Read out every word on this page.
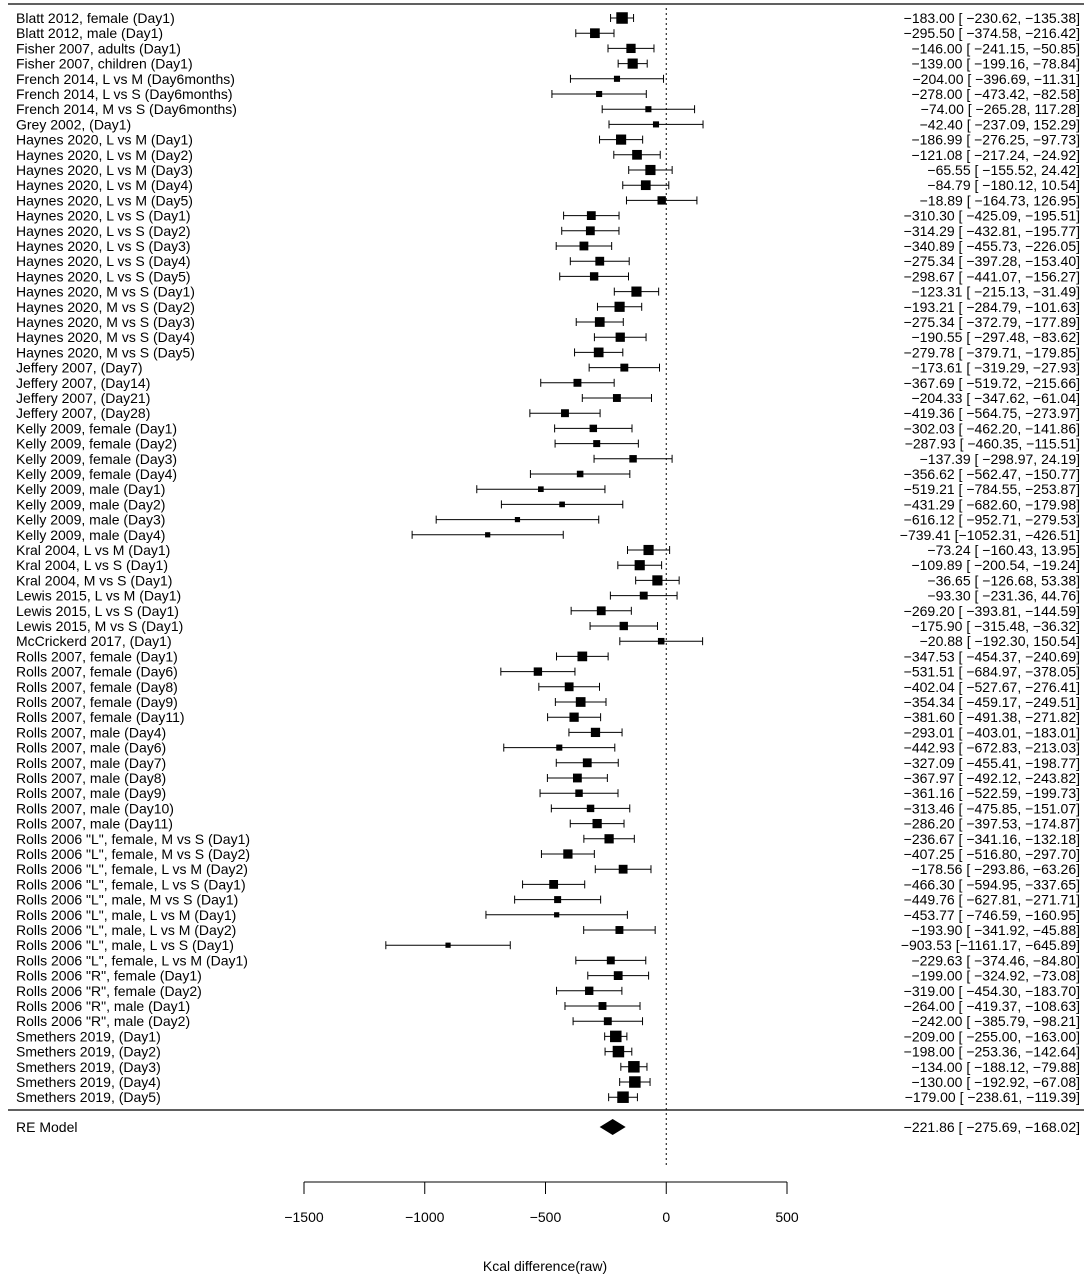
Blatt 2012, female (Day1)	−183.00 [ −230.62, −135.38]
Blatt 2012, male (Day1)	−295.50 [ −374.58, −216.42]
Fisher 2007, adults (Day1)	−146.00 [ −241.15, −50.85]
Fisher 2007, children (Day1)	−139.00 [ −199.16, −78.84]
French 2014, L vs M (Day6months)	−204.00 [ −396.69, −11.31]
French 2014, L vs S (Day6months)	−278.00 [ −473.42, −82.58]
French 2014, M vs S (Day6months)	−74.00 [ −265.28, 117.28]
Grey 2002, (Day1)	−42.40 [ −237.09, 152.29]
Haynes 2020, L vs M (Day1)	−186.99 [ −276.25, −97.73]
Haynes 2020, L vs M (Day2)	−121.08 [ −217.24, −24.92]
Haynes 2020, L vs M (Day3)	−65.55 [ −155.52, 24.42]
Haynes 2020, L vs M (Day4)	−84.79 [ −180.12, 10.54]
Haynes 2020, L vs M (Day5)	−18.89 [ −164.73, 126.95]
Haynes 2020, L vs S (Day1)	−310.30 [ −425.09, −195.51]
Haynes 2020, L vs S (Day2)	−314.29 [ −432.81, −195.77]
Haynes 2020, L vs S (Day3)	−340.89 [ −455.73, −226.05]
Haynes 2020, L vs S (Day4)	−275.34 [ −397.28, −153.40]
Haynes 2020, L vs S (Day5)	−298.67 [ −441.07, −156.27]
Haynes 2020, M vs S (Day1)	−123.31 [ −215.13, −31.49]
Haynes 2020, M vs S (Day2)	−193.21 [ −284.79, −101.63]
Haynes 2020, M vs S (Day3)	−275.34 [ −372.79, −177.89]
Haynes 2020, M vs S (Day4)	−190.55 [ −297.48, −83.62]
Haynes 2020, M vs S (Day5)	−279.78 [ −379.71, −179.85]
Jeffery 2007, (Day7)	−173.61 [ −319.29, −27.93]
Jeffery 2007, (Day14)	−367.69 [ −519.72, −215.66]
Jeffery 2007, (Day21)	−204.33 [ −347.62, −61.04]
Jeffery 2007, (Day28)	−419.36 [ −564.75, −273.97]
Kelly 2009, female (Day1)	−302.03 [ −462.20, −141.86]
Kelly 2009, female (Day2)	−287.93 [ −460.35, −115.51]
Kelly 2009, female (Day3)	−137.39 [ −298.97, 24.19]
Kelly 2009, female (Day4)	−356.62 [ −562.47, −150.77]
Kelly 2009, male (Day1)	−519.21 [ −784.55, −253.87]
Kelly 2009, male (Day2)	−431.29 [ −682.60, −179.98]
Kelly 2009, male (Day3)	−616.12 [ −952.71, −279.53]
Kelly 2009, male (Day4)	−739.41 [−1052.31, −426.51]
Kral 2004, L vs M (Day1)	−73.24 [ −160.43, 13.95]
Kral 2004, L vs S (Day1)	−109.89 [ −200.54, −19.24]
Kral 2004, M vs S (Day1)	−36.65 [ −126.68, 53.38]
Lewis 2015, L vs M (Day1)	−93.30 [ −231.36, 44.76]
Lewis 2015, L vs S (Day1)	−269.20 [ −393.81, −144.59]
Lewis 2015, M vs S (Day1)	−175.90 [ −315.48, −36.32]
McCrickerd 2017, (Day1)	−20.88 [ −192.30, 150.54]
Rolls 2007, female (Day1)	−347.53 [ −454.37, −240.69]
Rolls 2007, female (Day6)	−531.51 [ −684.97, −378.05]
Rolls 2007, female (Day8)	−402.04 [ −527.67, −276.41]
Rolls 2007, female (Day9)	−354.34 [ −459.17, −249.51]
Rolls 2007, female (Day11)	−381.60 [ −491.38, −271.82]
Rolls 2007, male (Day4)	−293.01 [ −403.01, −183.01]
Rolls 2007, male (Day6)	−442.93 [ −672.83, −213.03]
Rolls 2007, male (Day7)	−327.09 [ −455.41, −198.77]
Rolls 2007, male (Day8)	−367.97 [ −492.12, −243.82]
Rolls 2007, male (Day9)	−361.16 [ −522.59, −199.73]
Rolls 2007, male (Day10)	−313.46 [ −475.85, −151.07]
Rolls 2007, male (Day11)	−286.20 [ −397.53, −174.87]
Rolls 2006 "L", female, M vs S (Day1)	−236.67 [ −341.16, −132.18]
Rolls 2006 "L", female, M vs S (Day2)	−407.25 [ −516.80, −297.70]
Rolls 2006 "L", female, L vs M (Day2)	−178.56 [ −293.86, −63.26]
Rolls 2006 "L", female, L vs S (Day1)	−466.30 [ −594.95, −337.65]
Rolls 2006 "L", male, M vs S (Day1)	−449.76 [ −627.81, −271.71]
Rolls 2006 "L", male, L vs M (Day1)	−453.77 [ −746.59, −160.95]
Rolls 2006 "L", male, L vs M (Day2)	−193.90 [ −341.92, −45.88]
Rolls 2006 "L", male, L vs S (Day1)	−903.53 [−1161.17, −645.89]
Rolls 2006 "L", female, L vs M (Day1)	−229.63 [ −374.46, −84.80]
Rolls 2006 "R", female (Day1)	−199.00 [ −324.92, −73.08]
Rolls 2006 "R", female (Day2)	−319.00 [ −454.30, −183.70]
Rolls 2006 "R", male (Day1)	−264.00 [ −419.37, −108.63]
Rolls 2006 "R", male (Day2)	−242.00 [ −385.79, −98.21]
Smethers 2019, (Day1)	−209.00 [ −255.00, −163.00]
Smethers 2019, (Day2)	−198.00 [ −253.36, −142.64]
Smethers 2019, (Day3)	−134.00 [ −188.12, −79.88]
Smethers 2019, (Day4)	−130.00 [ −192.92, −67.08]
Smethers 2019, (Day5)	−179.00 [ −238.61, −119.39]
RE Model	−221.86 [ −275.69, −168.02]
−1500	−1000	−500	0	500
Kcal difference(raw)
